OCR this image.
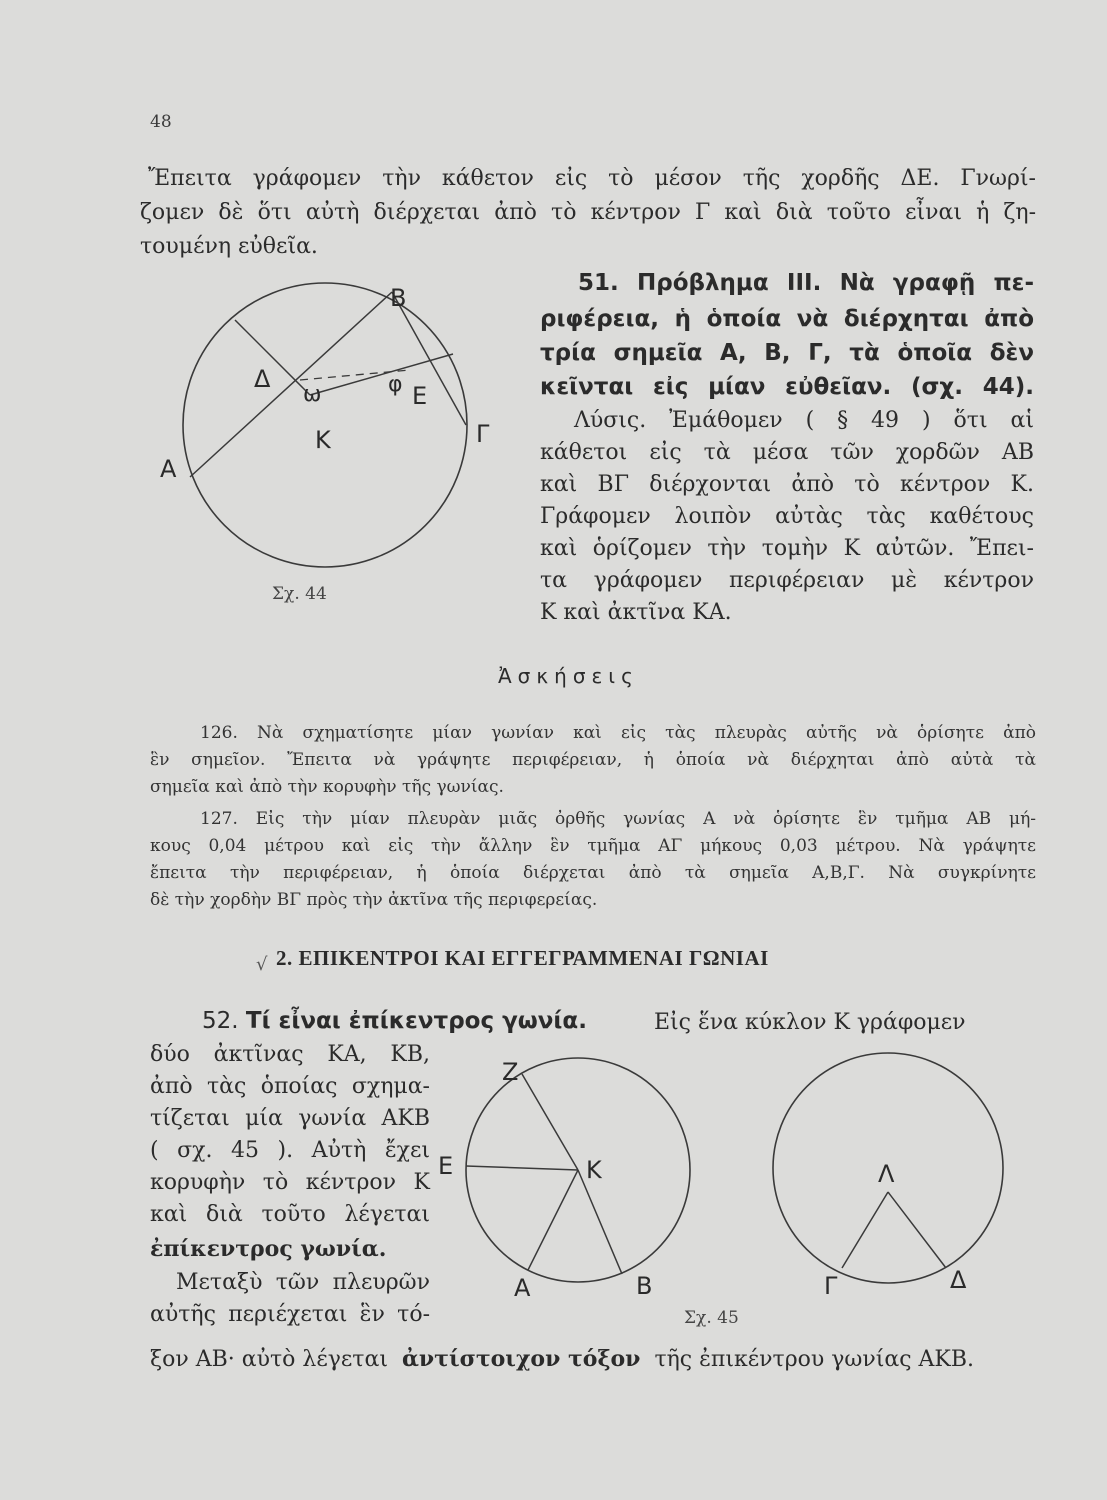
48
Ἔπειτα γράφομεν τὴν κάθετον εἰς τὸ μέσον τῆς χορδῆς ΔΕ. Γνωρί-
ζομεν δὲ ὅτι αὐτὴ διέρχεται ἀπὸ τὸ κέντρον Γ καὶ διὰ τοῦτο εἶναι ἡ ζη-
τουμένη εὐθεῖα.
Β
Α
Γ
Δ
Ε
Κ
ω	φ
Σχ. 44
51. Πρόβλημα ΙΙΙ. Νὰ γραφῇ πε-
ριφέρεια, ἡ ὁποία νὰ διέρχηται ἀπὸ
τρία σημεῖα Α, Β, Γ, τὰ ὁποῖα δὲν
κεῖνται εἰς μίαν εὐθεῖαν. (σχ. 44).
Λύσις. Ἐμάθομεν ( § 49 ) ὅτι αἱ
κάθετοι εἰς τὰ μέσα τῶν χορδῶν ΑΒ
καὶ ΒΓ διέρχονται ἀπὸ τὸ κέντρον Κ.
Γράφομεν λοιπὸν αὐτὰς τὰς καθέτους
καὶ ὁρίζομεν τὴν τομὴν Κ αὐτῶν. Ἔπει-
τα γράφομεν περιφέρειαν μὲ κέντρον
Κ καὶ ἀκτῖνα ΚΑ.
Ἀσκήσεις
126. Νὰ σχηματίσητε μίαν γωνίαν καὶ εἰς τὰς πλευρὰς αὐτῆς νὰ ὁρίσητε ἀπὸ
ἓν σημεῖον. Ἔπειτα νὰ γράψητε περιφέρειαν, ἡ ὁποία νὰ διέρχηται ἀπὸ αὐτὰ τὰ
σημεῖα καὶ ἀπὸ τὴν κορυφὴν τῆς γωνίας.
127. Εἰς τὴν μίαν πλευρὰν μιᾶς ὀρθῆς γωνίας Α νὰ ὁρίσητε ἓν τμῆμα ΑΒ μή-
κους 0,04 μέτρου καὶ εἰς τὴν ἄλλην ἓν τμῆμα ΑΓ μήκους 0,03 μέτρου. Νὰ γράψητε
ἔπειτα τὴν περιφέρειαν, ἡ ὁποία διέρχεται ἀπὸ τὰ σημεῖα Α,Β,Γ. Νὰ συγκρίνητε
δὲ τὴν χορδὴν ΒΓ πρὸς τὴν ἀκτῖνα τῆς περιφερείας.
√ 2. ΕΠΙΚΕΝΤΡΟΙ ΚΑΙ ΕΓΓΕΓΡΑΜΜΕΝΑΙ ΓΩΝΙΑΙ
52. Τί εἶναι ἐπίκεντρος γωνία.	Εἰς ἕνα κύκλον Κ γράφομεν
δύο ἀκτῖνας ΚΑ, ΚΒ,
ἀπὸ τὰς ὁποίας σχημα-
τίζεται μία γωνία ΑΚΒ
( σχ. 45 ). Αὐτὴ ἔχει
κορυφὴν τὸ κέντρον Κ
καὶ διὰ τοῦτο λέγεται
ἐπίκεντρος γωνία.
Μεταξὺ τῶν πλευρῶν
αὐτῆς περιέχεται ἓν τό-
ξον ΑΒ· αὐτὸ λέγεται ἀντίστοιχον τόξον τῆς ἐπικέντρου γωνίας ΑΚΒ.
Ζ
Ε	Κ
Α	Β
Λ
Γ	Δ
Σχ. 45
